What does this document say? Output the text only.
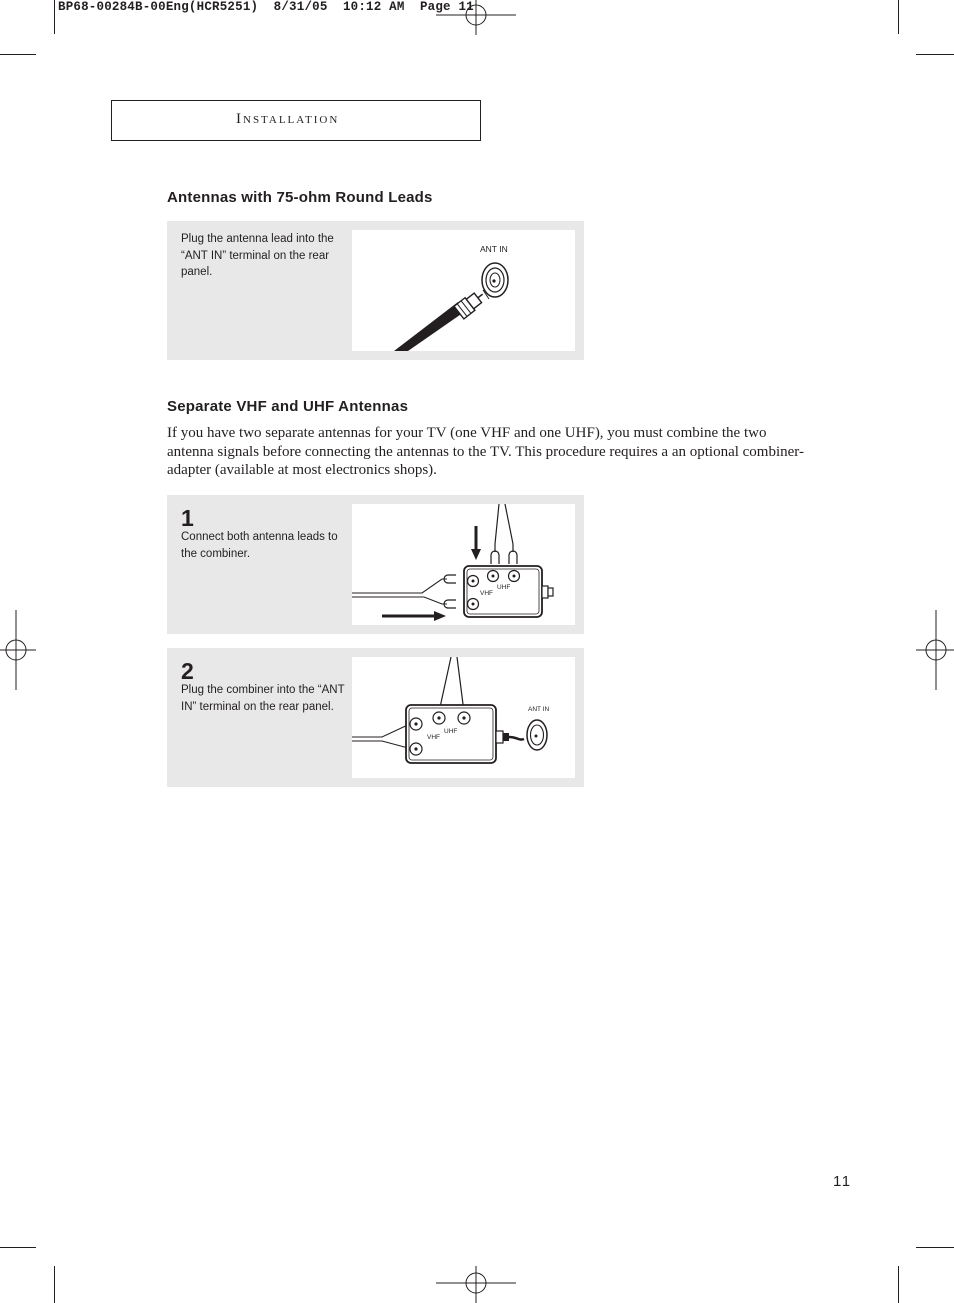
BP68-00284B-00Eng(HCR5251)  8/31/05  10:12 AM  Page 11
Installation
Antennas with 75-ohm Round Leads
Plug the antenna lead into the “ANT IN” terminal on the rear panel.
ANT IN
Separate VHF and UHF Antennas
If you have two separate antennas for your TV (one VHF and one UHF), you must combine the two antenna signals before connecting the antennas to the TV. This procedure requires a an optional combiner-adapter (available at most electronics shops).
1
Connect both antenna leads to the combiner.
VHF
UHF
2
Plug the combiner into the “ANT IN” terminal on the rear panel.
VHF
UHF
ANT IN
11
